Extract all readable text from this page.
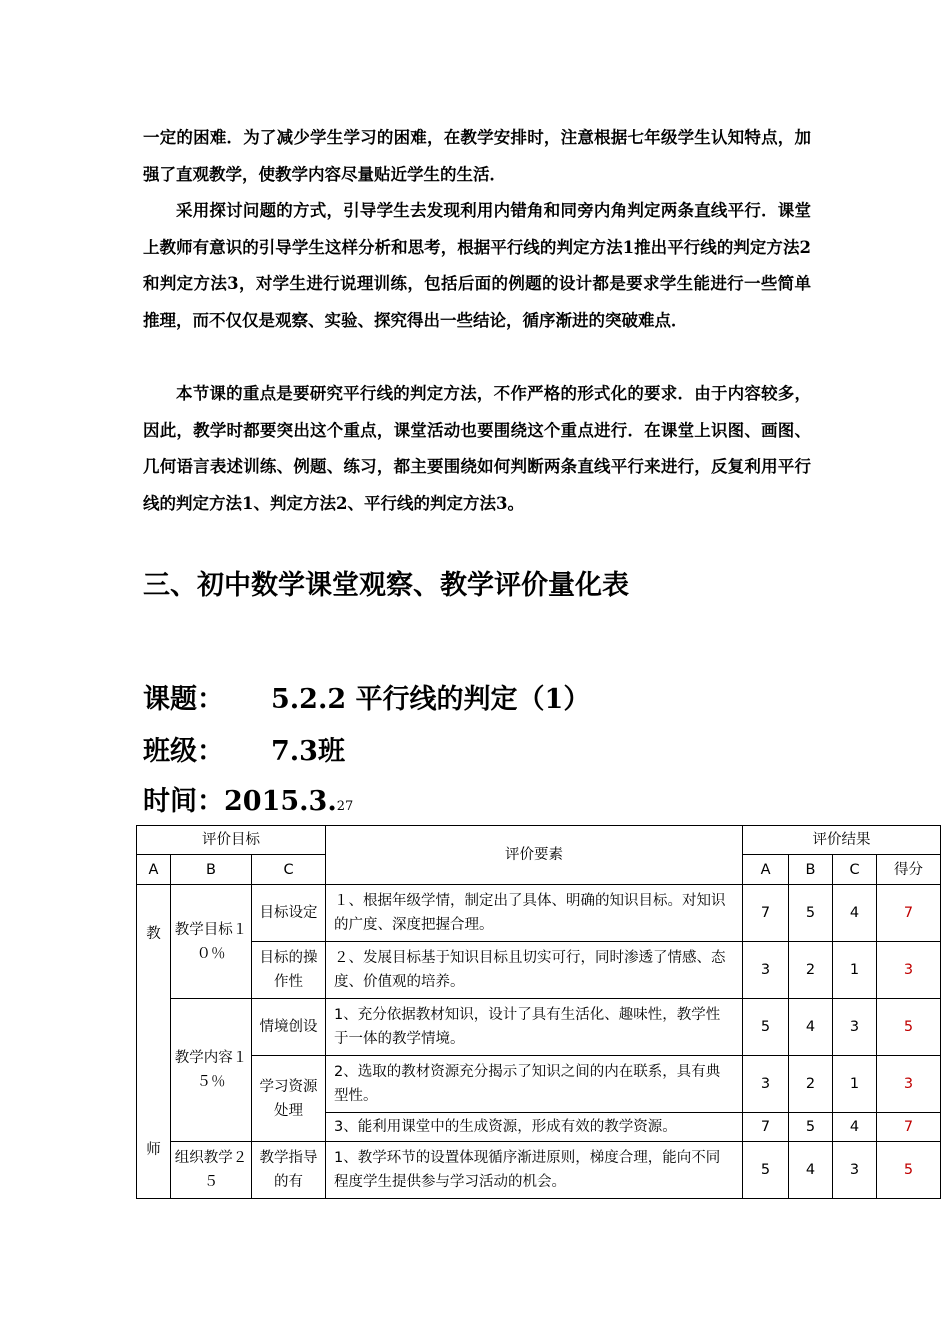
一定的困难．为了减少学生学习的困难，在教学安排时，注意根据七年级学生认知特点，加强了直观教学，使教学内容尽量贴近学生的生活．

采用探讨问题的方式，引导学生去发现利用内错角和同旁内角判定两条直线平行．课堂上教师有意识的引导学生这样分析和思考，根据平行线的判定方法1推出平行线的判定方法2和判定方法3，对学生进行说理训练，包括后面的例题的设计都是要求学生能进行一些简单推理，而不仅仅是观察、实验、探究得出一些结论，循序渐进的突破难点．

本节课的重点是要研究平行线的判定方法，不作严格的形式化的要求．由于内容较多，因此，教学时都要突出这个重点，课堂活动也要围绕这个重点进行．在课堂上识图、画图、几何语言表述训练、例题、练习，都主要围绕如何判断两条直线平行来进行，反复利用平行线的判定方法1、判定方法2、平行线的判定方法3。

三、初中数学课堂观察、教学评价量化表
课题： 5.2.2 平行线的判定（1）
班级： 7.3班
时间：2015.3.27
评价目标			评价要素	评价结果			
A	B	C		A	B	C	得分
教

师	教学目标１０％	目标设定	１、根据年级学情，制定出了具体、明确的知识目标。对知识的广度、深度把握合理。	7	5	4	7
		目标的操作性	２、发展目标基于知识目标且切实可行，同时渗透了情感、态度、价值观的培养。	3	2	1	3
	教学内容１５％	情境创设	1、充分依据教材知识，设计了具有生活化、趣味性，教学性于一体的教学情境。	5	4	3	5
		学习资源处理	2、选取的教材资源充分揭示了知识之间的内在联系，具有典型性。	3	2	1	3
			3、能利用课堂中的生成资源，形成有效的教学资源。	7	5	4	7
	组织教学２５	教学指导的有	1、教学环节的设置体现循序渐进原则，梯度合理，能向不同程度学生提供参与学习活动的机会。	5	4	3	5
